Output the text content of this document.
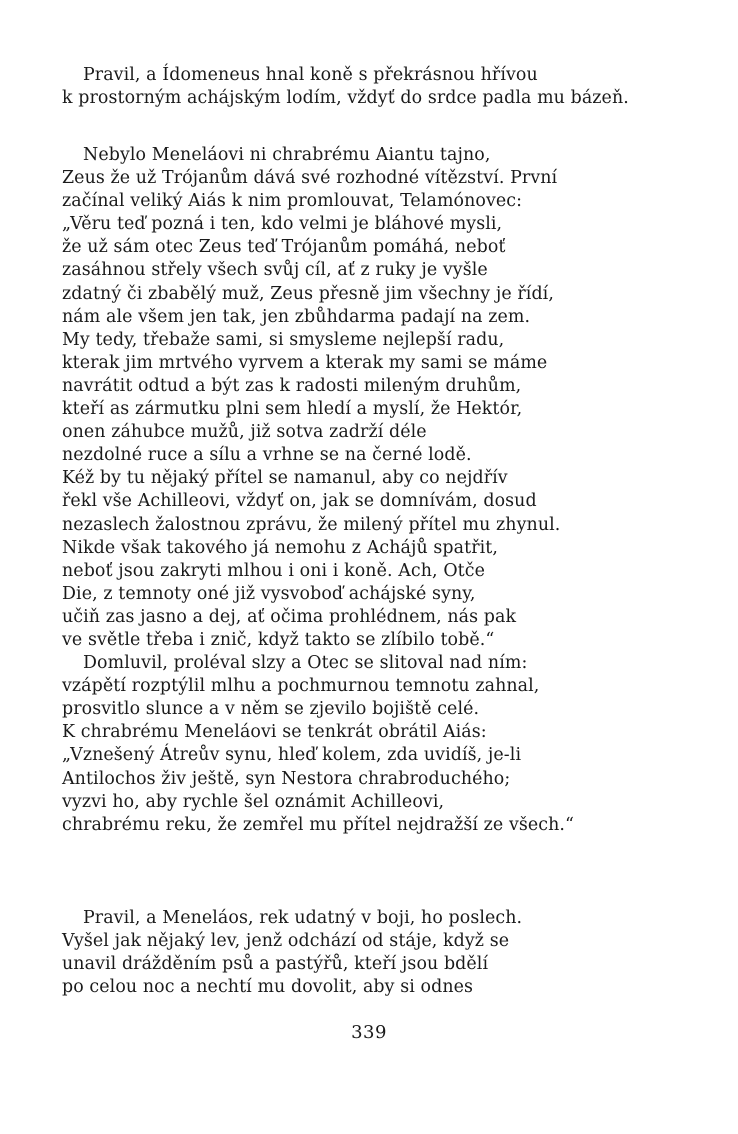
Pravil, a Ídomeneus hnal koně s překrásnou hřívou
k prostorným achájským lodím, vždyť do srdce padla mu bázeň.
Nebylo Meneláovi ni chrabrému Aiantu tajno,
Zeus že už Trójanům dává své rozhodné vítězství. První
začínal veliký Aiás k nim promlouvat, Telamónovec:
„Věru teď pozná i ten, kdo velmi je bláhové mysli,
že už sám otec Zeus teď Trójanům pomáhá, neboť
zasáhnou střely všech svůj cíl, ať z ruky je vyšle
zdatný či zbabělý muž, Zeus přesně jim všechny je řídí,
nám ale všem jen tak, jen zbůhdarma padají na zem.
My tedy, třebaže sami, si smysleme nejlepší radu,
kterak jim mrtvého vyrvem a kterak my sami se máme
navrátit odtud a být zas k radosti mileným druhům,
kteří as zármutku plni sem hledí a myslí, že Hektór,
onen záhubce mužů, již sotva zadrží déle
nezdolné ruce a sílu a vrhne se na černé lodě.
Kéž by tu nějaký přítel se namanul, aby co nejdřív
řekl vše Achilleovi, vždyť on, jak se domnívám, dosud
nezaslech žalostnou zprávu, že milený přítel mu zhynul.
Nikde však takového já nemohu z Achájů spatřit,
neboť jsou zakryti mlhou i oni i koně. Ach, Otče
Die, z temnoty oné již vysvoboď achájské syny,
učiň zas jasno a dej, ať očima prohlédnem, nás pak
ve světle třeba i znič, když takto se zlíbilo tobě.“
Domluvil, proléval slzy a Otec se slitoval nad ním:
vzápětí rozptýlil mlhu a pochmurnou temnotu zahnal,
prosvitlo slunce a v něm se zjevilo bojiště celé.
K chrabrému Meneláovi se tenkrát obrátil Aiás:
„Vznešený Átreův synu, hleď kolem, zda uvidíš, je-li
Antilochos živ ještě, syn Nestora chrabroduchého;
vyzvi ho, aby rychle šel oznámit Achilleovi,
chrabrému reku, že zemřel mu přítel nejdražší ze všech.“
Pravil, a Meneláos, rek udatný v boji, ho poslech.
Vyšel jak nějaký lev, jenž odchází od stáje, když se
unavil drážděním psů a pastýřů, kteří jsou bdělí
po celou noc a nechtí mu dovolit, aby si odnes
339
